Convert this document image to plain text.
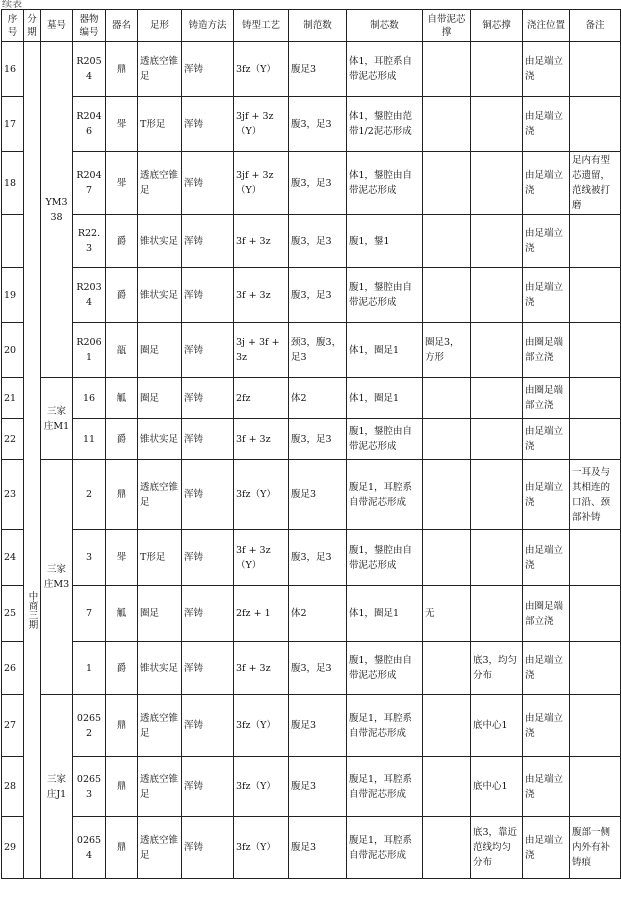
续表
序号	分期	墓号	器物编号	器名	足形	铸造方法	铸型工艺	制范数	制芯数	自带泥芯撑	铜芯撑	浇注位置	备注
16	中商三期	YM338	R2054	鼎	透底空锥足	浑铸	3fz（Y）	腹足3	体1，耳腔系自带泥芯形成			由足端立浇	
17			R2046	斝	T形足	浑铸	3jf + 3z（Y）	腹3，足3	体1，鋬腔由范带1/2泥芯形成			由足端立浇	
18			R2047	斝	透底空锥足	浑铸	3jf + 3z（Y）	腹3，足3	体1，鋬腔由自带泥芯形成			由足端立浇	足内有型芯遗留，范线被打磨
			R22.3	爵	锥状实足	浑铸	3f + 3z	腹3，足3	腹1，鋬1			由足端立浇	
19			R2034	爵	锥状实足	浑铸	3f + 3z	腹3，足3	腹1，鋬腔由自带泥芯形成			由足端立浇	
20			R2061	瓿	圈足	浑铸	3j + 3f + 3z	颈3，腹3，足3	体1，圈足1	圈足3，方形		由圈足端部立浇	
21		三家庄M1	16	觚	圈足	浑铸	2fz	体2	体1，圈足1			由圈足端部立浇	
22			11	爵	锥状实足	浑铸	3f + 3z	腹3，足3	腹1，鋬腔由自带泥芯形成			由足端立浇	
23		三家庄M3	2	鼎	透底空锥足	浑铸	3fz（Y）	腹足3	腹足1，耳腔系自带泥芯形成			由足端立浇	一耳及与其相连的口沿、颈部补铸
24			3	斝	T形足	浑铸	3f + 3z（Y）	腹3，足3	腹1，鋬腔由自带泥芯形成			由足端立浇	
25			7	觚	圈足	浑铸	2fz + 1	体2	体1，圈足1	无		由圈足端部立浇	
26			1	爵	锥状实足	浑铸	3f + 3z	腹3，足3	腹1，鋬腔由自带泥芯形成		底3，均匀分布	由足端立浇	
27		三家庄J1	02652	鼎	透底空锥足	浑铸	3fz（Y）	腹足3	腹足1，耳腔系自带泥芯形成		底中心1	由足端立浇	
28			02653	鼎	透底空锥足	浑铸	3fz（Y）	腹足3	腹足1，耳腔系自带泥芯形成		底中心1	由足端立浇	
29			02654	鼎	透底空锥足	浑铸	3fz（Y）	腹足3	腹足1，耳腔系自带泥芯形成		底3，靠近范线均匀分布	由足端立浇	腹部一侧内外有补铸痕
